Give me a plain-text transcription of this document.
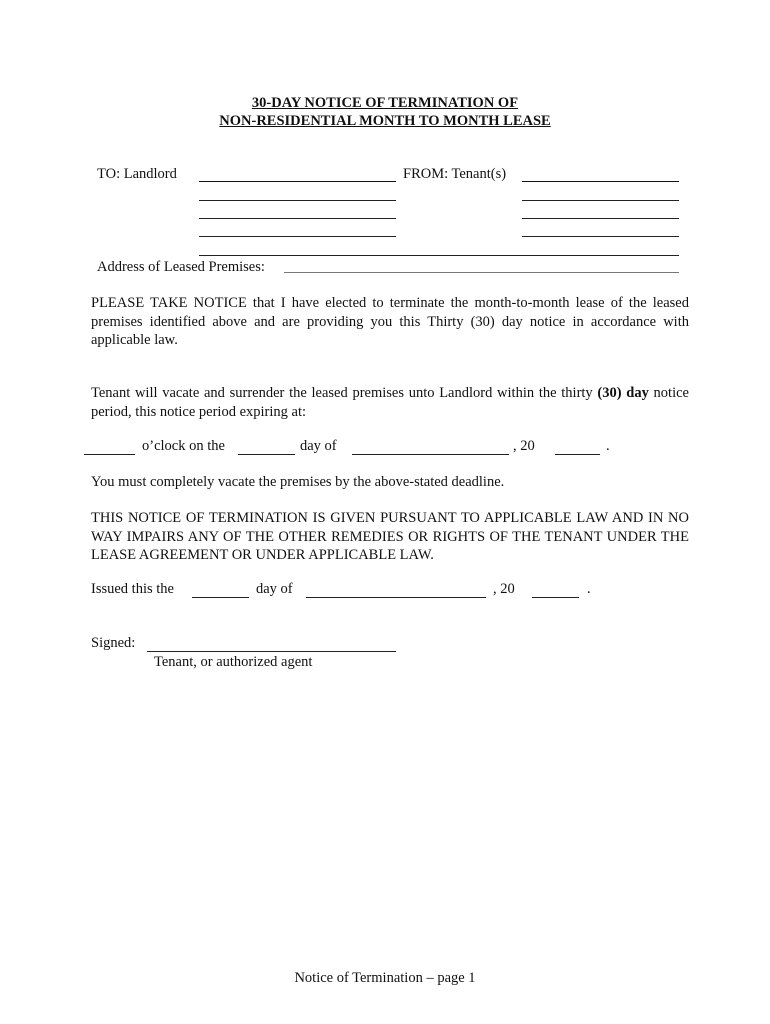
30-DAY NOTICE OF TERMINATION OF
NON-RESIDENTIAL MONTH TO MONTH LEASE
TO: Landlord	FROM: Tenant(s)
Address of Leased Premises:
PLEASE TAKE NOTICE that I have elected to terminate the month-to-month lease of the leased premises identified above and are providing you this Thirty (30) day notice in accordance with applicable law.
Tenant will vacate and surrender the leased premises unto Landlord within the thirty (30) day notice period, this notice period expiring at:
o’clock on the	day of	, 20	.
You must completely vacate the premises by the above-stated deadline.
THIS NOTICE OF TERMINATION IS GIVEN PURSUANT TO APPLICABLE LAW AND IN NO WAY IMPAIRS ANY OF THE OTHER REMEDIES OR RIGHTS OF THE TENANT UNDER THE LEASE AGREEMENT OR UNDER APPLICABLE LAW.
Issued this the	day of	, 20	.
Signed:
Tenant, or authorized agent
Notice of Termination – page 1
